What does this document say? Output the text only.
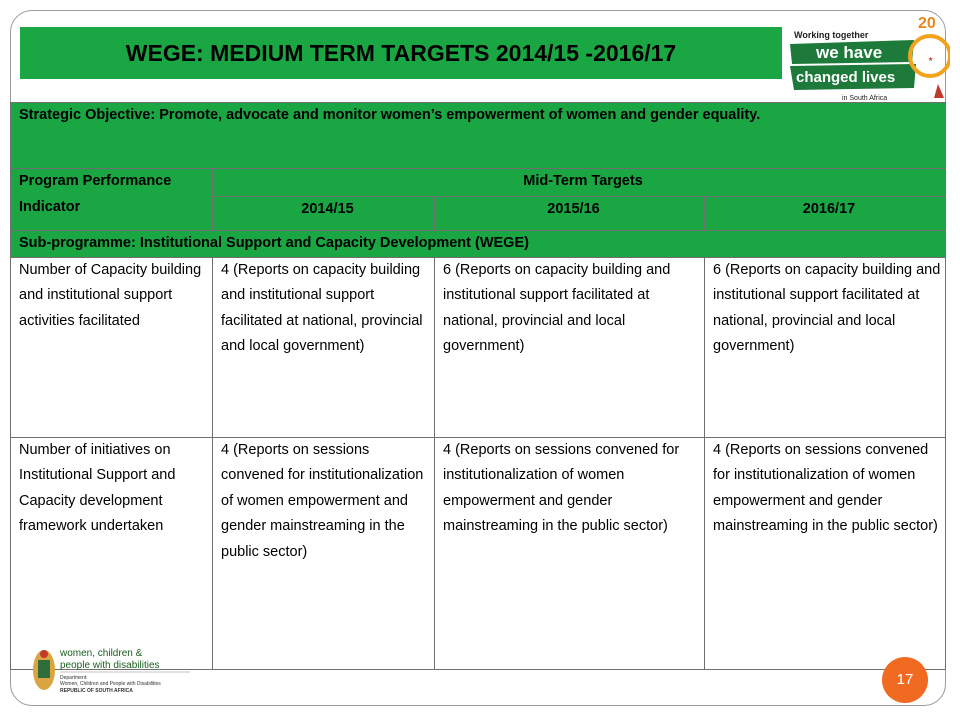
WEGE: MEDIUM TERM TARGETS 2014/15 -2016/17
Working together
we have
changed lives
in South Africa
20
★
Strategic Objective: Promote, advocate and monitor women’s empowerment of women and gender equality.			
Program Performance Indicator	Mid-Term Targets		
	2014/15	2015/16	2016/17
Sub-programme: Institutional Support and Capacity Development (WEGE)			
Number of Capacity building and institutional support activities facilitated	4 (Reports on capacity building and institutional support facilitated at national, provincial and local government)	6 (Reports on capacity building and institutional support facilitated at national, provincial and local government)	6 (Reports on capacity building and institutional support facilitated at national, provincial and local government)
Number of initiatives on Institutional Support and Capacity development framework undertaken	4 (Reports on sessions convened for institutionalization of women empowerment and gender mainstreaming in the public sector)	4 (Reports on sessions convened for institutionalization of women empowerment and gender mainstreaming in the public sector)	4 (Reports on sessions convened for institutionalization of women empowerment and gender mainstreaming in the public sector)
women, children &
people with disabilities
Department:
Women, Children and People with Disabilities
REPUBLIC OF SOUTH AFRICA
17
